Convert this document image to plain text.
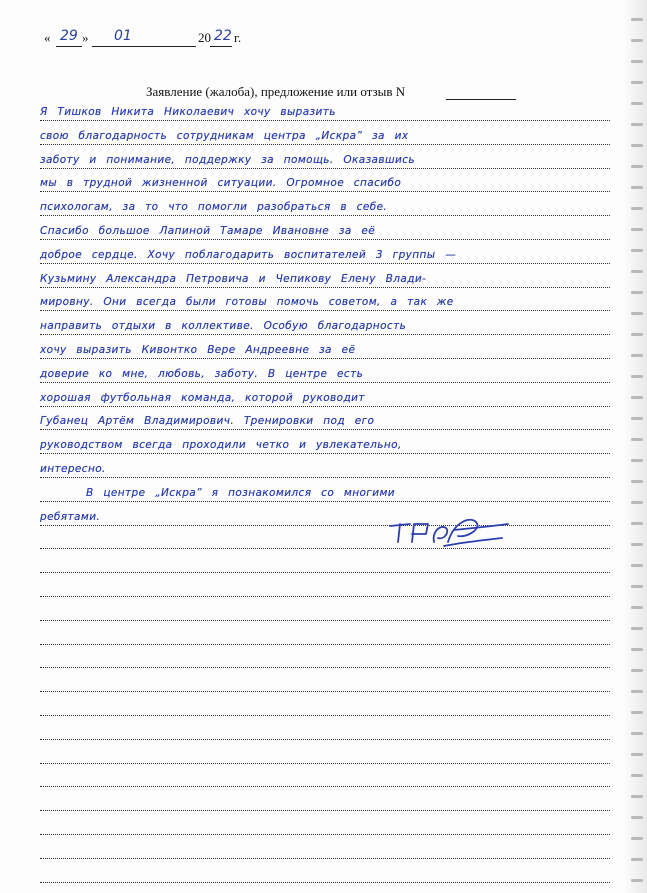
« 29 » 01	20 22 г.
Заявление (жалоба), предложение или отзыв N
Я Тишков Никита Николаевич хочу выразить
свою благодарность сотрудникам центра „Искра” за их
заботу и понимание, поддержку за помощь. Оказавшись
мы в трудной жизненной ситуации. Огромное спасибо
психологам, за то что помогли разобраться в себе.
Спасибо большое Лапиной Тамаре Ивановне за её
доброе сердце. Хочу поблагодарить воспитателей 3 группы —
Кузьмину Александра Петровича и Чепикову Елену Влади-
мировну. Они всегда были готовы помочь советом, а так же
направить отдыхи в коллективе. Особую благодарность
хочу выразить Кивонтко Вере Андреевне за её
доверие ко мне, любовь, заботу. В центре есть
хорошая футбольная команда, которой руководит
Губанец Артём Владимирович. Тренировки под его
руководством всегда проходили четко и увлекательно,
интересно.
В центре „Искра” я познакомился со многими
ребятами.
